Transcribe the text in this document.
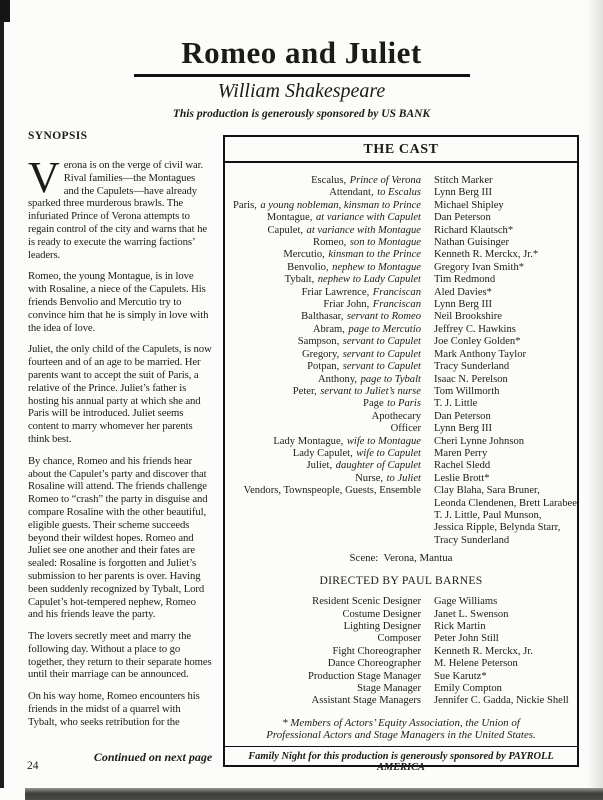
Romeo and Juliet
William Shakespeare
This production is generously sponsored by US BANK
SYNOPSIS

Verona is on the verge of civil war. Rival families—the Montagues and the Capulets—have already sparked three murderous brawls. The infuriated Prince of Verona attempts to regain control of the city and warns that he is ready to execute the warring factions’ leaders.

Romeo, the young Montague, is in love with Rosaline, a niece of the Capulets. His friends Benvolio and Mercutio try to convince him that he is simply in love with the idea of love.

Juliet, the only child of the Capulets, is now fourteen and of an age to be married. Her parents want to accept the suit of Paris, a relative of the Prince. Juliet’s father is hosting his annual party at which she and Paris will be introduced. Juliet seems content to marry whomever her parents think best.

By chance, Romeo and his friends hear about the Capulet’s party and discover that Rosaline will attend. The friends challenge Romeo to “crash” the party in disguise and compare Rosaline with the other beautiful, eligible guests. Their scheme succeeds beyond their wildest hopes. Romeo and Juliet see one another and their fates are sealed: Rosaline is forgotten and Juliet’s submission to her parents is over. Having been suddenly recognized by Tybalt, Lord Capulet’s hot-tempered nephew, Romeo and his friends leave the party.

The lovers secretly meet and marry the following day. Without a place to go together, they return to their separate homes until their marriage can be announced.

On his way home, Romeo encounters his friends in the midst of a quarrel with Tybalt, who seeks retribution for the

Continued on next page
24
THE CAST
Escalus, Prince of Verona Stitch Marker
Attendant, to Escalus Lynn Berg III
Paris, a young nobleman, kinsman to Prince Michael Shipley
Montague, at variance with Capulet Dan Peterson
Capulet, at variance with Montague Richard Klautsch*
Romeo, son to Montague Nathan Guisinger
Mercutio, kinsman to the Prince Kenneth R. Merckx, Jr.*
Benvolio, nephew to Montague Gregory Ivan Smith*
Tybalt, nephew to Lady Capulet Tim Redmond
Friar Lawrence, Franciscan Aled Davies*
Friar John, Franciscan Lynn Berg III
Balthasar, servant to Romeo Neil Brookshire
Abram, page to Mercutio Jeffrey C. Hawkins
Sampson, servant to Capulet Joe Conley Golden*
Gregory, servant to Capulet Mark Anthony Taylor
Potpan, servant to Capulet Tracy Sunderland
Anthony, page to Tybalt Isaac N. Perelson
Peter, servant to Juliet’s nurse Tom Willmorth
Page to Paris T. J. Little
Apothecary Dan Peterson
Officer Lynn Berg III
Lady Montague, wife to Montague Cheri Lynne Johnson
Lady Capulet, wife to Capulet Maren Perry
Juliet, daughter of Capulet Rachel Sledd
Nurse, to Juliet Leslie Brott*
Vendors, Townspeople, Guests, Ensemble Clay Blaha, Sara Bruner,
Leonda Clendenen, Brett Larabee,
T. J. Little, Paul Munson,
Jessica Ripple, Belynda Starr,
Tracy Sunderland
Scene:  Verona, Mantua
DIRECTED BY PAUL BARNES
Resident Scenic Designer Gage Williams
Costume Designer Janet L. Swenson
Lighting Designer Rick Martin
Composer Peter John Still
Fight Choreographer Kenneth R. Merckx, Jr.
Dance Choreographer M. Helene Peterson
Production Stage Manager Sue Karutz*
Stage Manager Emily Compton
Assistant Stage Managers Jennifer C. Gadda, Nickie Shell
* Members of Actors’ Equity Association, the Union of
Professional Actors and Stage Managers in the United States.
Family Night for this production is generously sponsored by PAYROLL AMERICA
